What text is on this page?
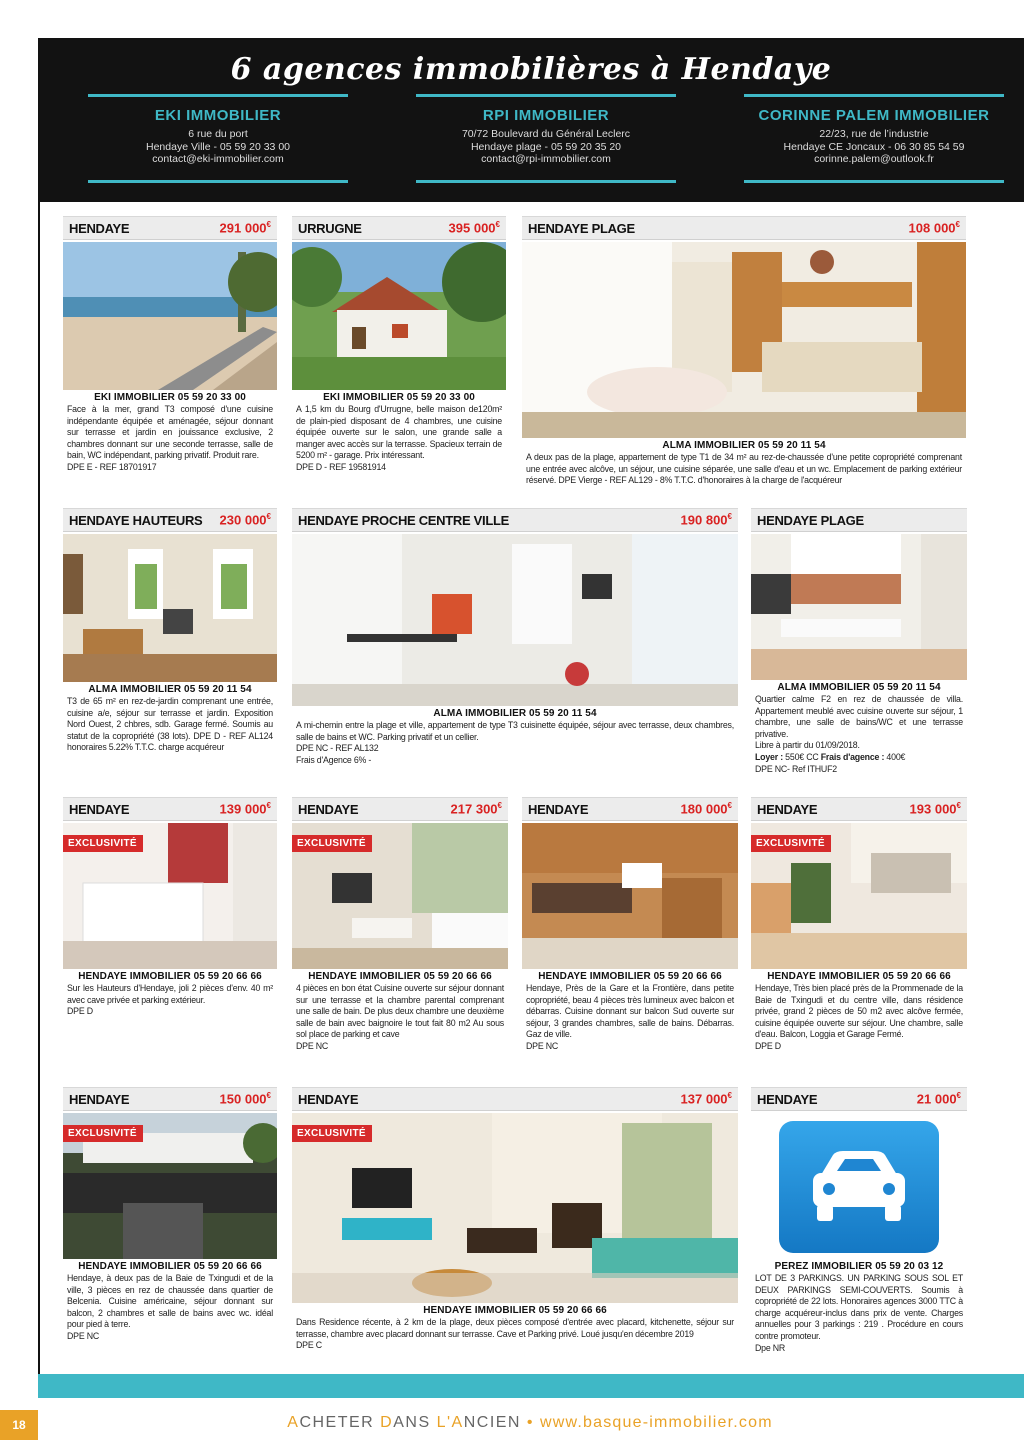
6 agences immobilières à Hendaye
EKI IMMOBILIER
6 rue du port
Hendaye Ville - 05 59 20 33 00
contact@eki-immobilier.com
RPI IMMOBILIER
70/72 Boulevard du Général Leclerc
Hendaye plage - 05 59 20 35 20
contact@rpi-immobilier.com
CORINNE PALEM IMMOBILIER
22/23, rue de l’industrie
Hendaye CE Joncaux - 06 30 85 54 59
corinne.palem@outlook.fr
HENDAYE	291 000€
EKI IMMOBILIER 05 59 20 33 00
Face à la mer, grand T3 composé d'une cuisine indépendante équipée et aménagée, séjour donnant sur terrasse et jardin en jouissance exclusive, 2 chambres donnant sur une seconde terrasse, salle de bain, WC indépendant, parking privatif. Produit rare.
DPE E - REF 18701917
URRUGNE	395 000€
EKI IMMOBILIER 05 59 20 33 00
A 1,5 km du Bourg d'Urrugne, belle maison de120m² de plain-pied disposant de 4 chambres, une cuisine équipée ouverte sur le salon, une grande salle a manger avec accès sur la terrasse. Spacieux terrain de 5200 m² - garage. Prix intéressant.
DPE D - REF 19581914
HENDAYE PLAGE	108 000€
ALMA IMMOBILIER 05 59 20 11 54
A deux pas de la plage, appartement de type T1 de 34 m² au rez-de-chaussée d'une petite copropriété comprenant une entrée avec alcôve, un séjour, une cuisine séparée, une salle d'eau et un wc. Emplacement de parking extérieur réservé. DPE Vierge - REF AL129 - 8% T.T.C. d'honoraires à la charge de l'acquéreur
HENDAYE HAUTEURS 230 000€
ALMA IMMOBILIER 05 59 20 11 54
T3 de 65 m² en rez-de-jardin comprenant une entrée, cuisine a/e, séjour sur terrasse et jardin. Exposition Nord Ouest, 2 chbres, sdb. Garage fermé. Soumis au statut de la copropriété (38 lots). DPE D - REF AL124 honoraires 5.22% T.T.C. charge acquéreur
HENDAYE PROCHE CENTRE VILLE	190 800€
ALMA IMMOBILIER 05 59 20 11 54
A mi-chemin entre la plage et ville, appartement de type T3 cuisinette équipée, séjour avec terrasse, deux chambres, salle de bains et WC. Parking privatif et un cellier.
DPE NC - REF AL132
Frais d'Agence 6% -
HENDAYE PLAGE
ALMA IMMOBILIER 05 59 20 11 54
Quartier calme F2 en rez de chaussée de villa. Appartement meublé avec cuisine ouverte sur séjour, 1 chambre, une salle de bains/WC et une terrasse privative.
Libre à partir du 01/09/2018.
Loyer : 550€ CC Frais d'agence : 400€
DPE NC- Ref ITHUF2
HENDAYE	139 000€
EXCLUSIVITÉ
HENDAYE IMMOBILIER 05 59 20 66 66
Sur les Hauteurs d'Hendaye, joli 2 pièces d'env. 40 m² avec cave privée et parking extérieur.
DPE D
HENDAYE	217 300€
EXCLUSIVITÉ
HENDAYE IMMOBILIER 05 59 20 66 66
4 pièces en bon état Cuisine ouverte sur séjour donnant sur une terrasse et la chambre parental comprenant une salle de bain. De plus deux chambre une deuxième salle de bain avec baignoire le tout fait 80 m2 Au sous sol place de parking et cave
DPE NC
HENDAYE	180 000€
HENDAYE IMMOBILIER 05 59 20 66 66
Hendaye, Près de la Gare et la Frontière, dans petite copropriété, beau 4 pièces très lumineux avec balcon et débarras. Cuisine donnant sur balcon Sud ouverte sur séjour, 3 grandes chambres, salle de bains. Débarras. Gaz de ville.
DPE NC
HENDAYE	193 000€
EXCLUSIVITÉ
HENDAYE IMMOBILIER 05 59 20 66 66
Hendaye, Très bien placé près de la Prommenade de la Baie de Txingudi et du centre ville, dans résidence privée, grand 2 pièces de 50 m2 avec alcôve fermée, cuisine équipée ouverte sur séjour. Une chambre, salle d'eau. Balcon, Loggia et Garage Fermé.
DPE D
HENDAYE	150 000€
EXCLUSIVITÉ
HENDAYE IMMOBILIER 05 59 20 66 66
Hendaye, à deux pas de la Baie de Txingudi et de la ville, 3 pièces en rez de chaussée dans quartier de Belcenia. Cuisine américaine, séjour donnant sur balcon, 2 chambres et salle de bains avec wc. idéal pour pied à terre.
DPE NC
HENDAYE	137 000€
EXCLUSIVITÉ
HENDAYE IMMOBILIER 05 59 20 66 66
Dans Residence récente, à 2 km de la plage, deux pièces composé d'entrée avec placard, kitchenette, séjour sur terrasse, chambre avec placard donnant sur terrasse. Cave et Parking privé. Loué jusqu'en décembre 2019
DPE C
HENDAYE	21 000€
PEREZ IMMOBILIER 05 59 20 03 12
LOT DE 3 PARKINGS. UN PARKING SOUS SOL ET DEUX PARKINGS SEMI-COUVERTS. Soumis à copropriété de 22 lots. Honoraires agences 3000 TTC à charge acquéreur-inclus dans prix de vente. Charges annuelles pour 3 parkings : 219 . Procédure en cours contre promoteur.
Dpe NR
18	ACHETER DANS L'ANCIEN • www.basque-immobilier.com
